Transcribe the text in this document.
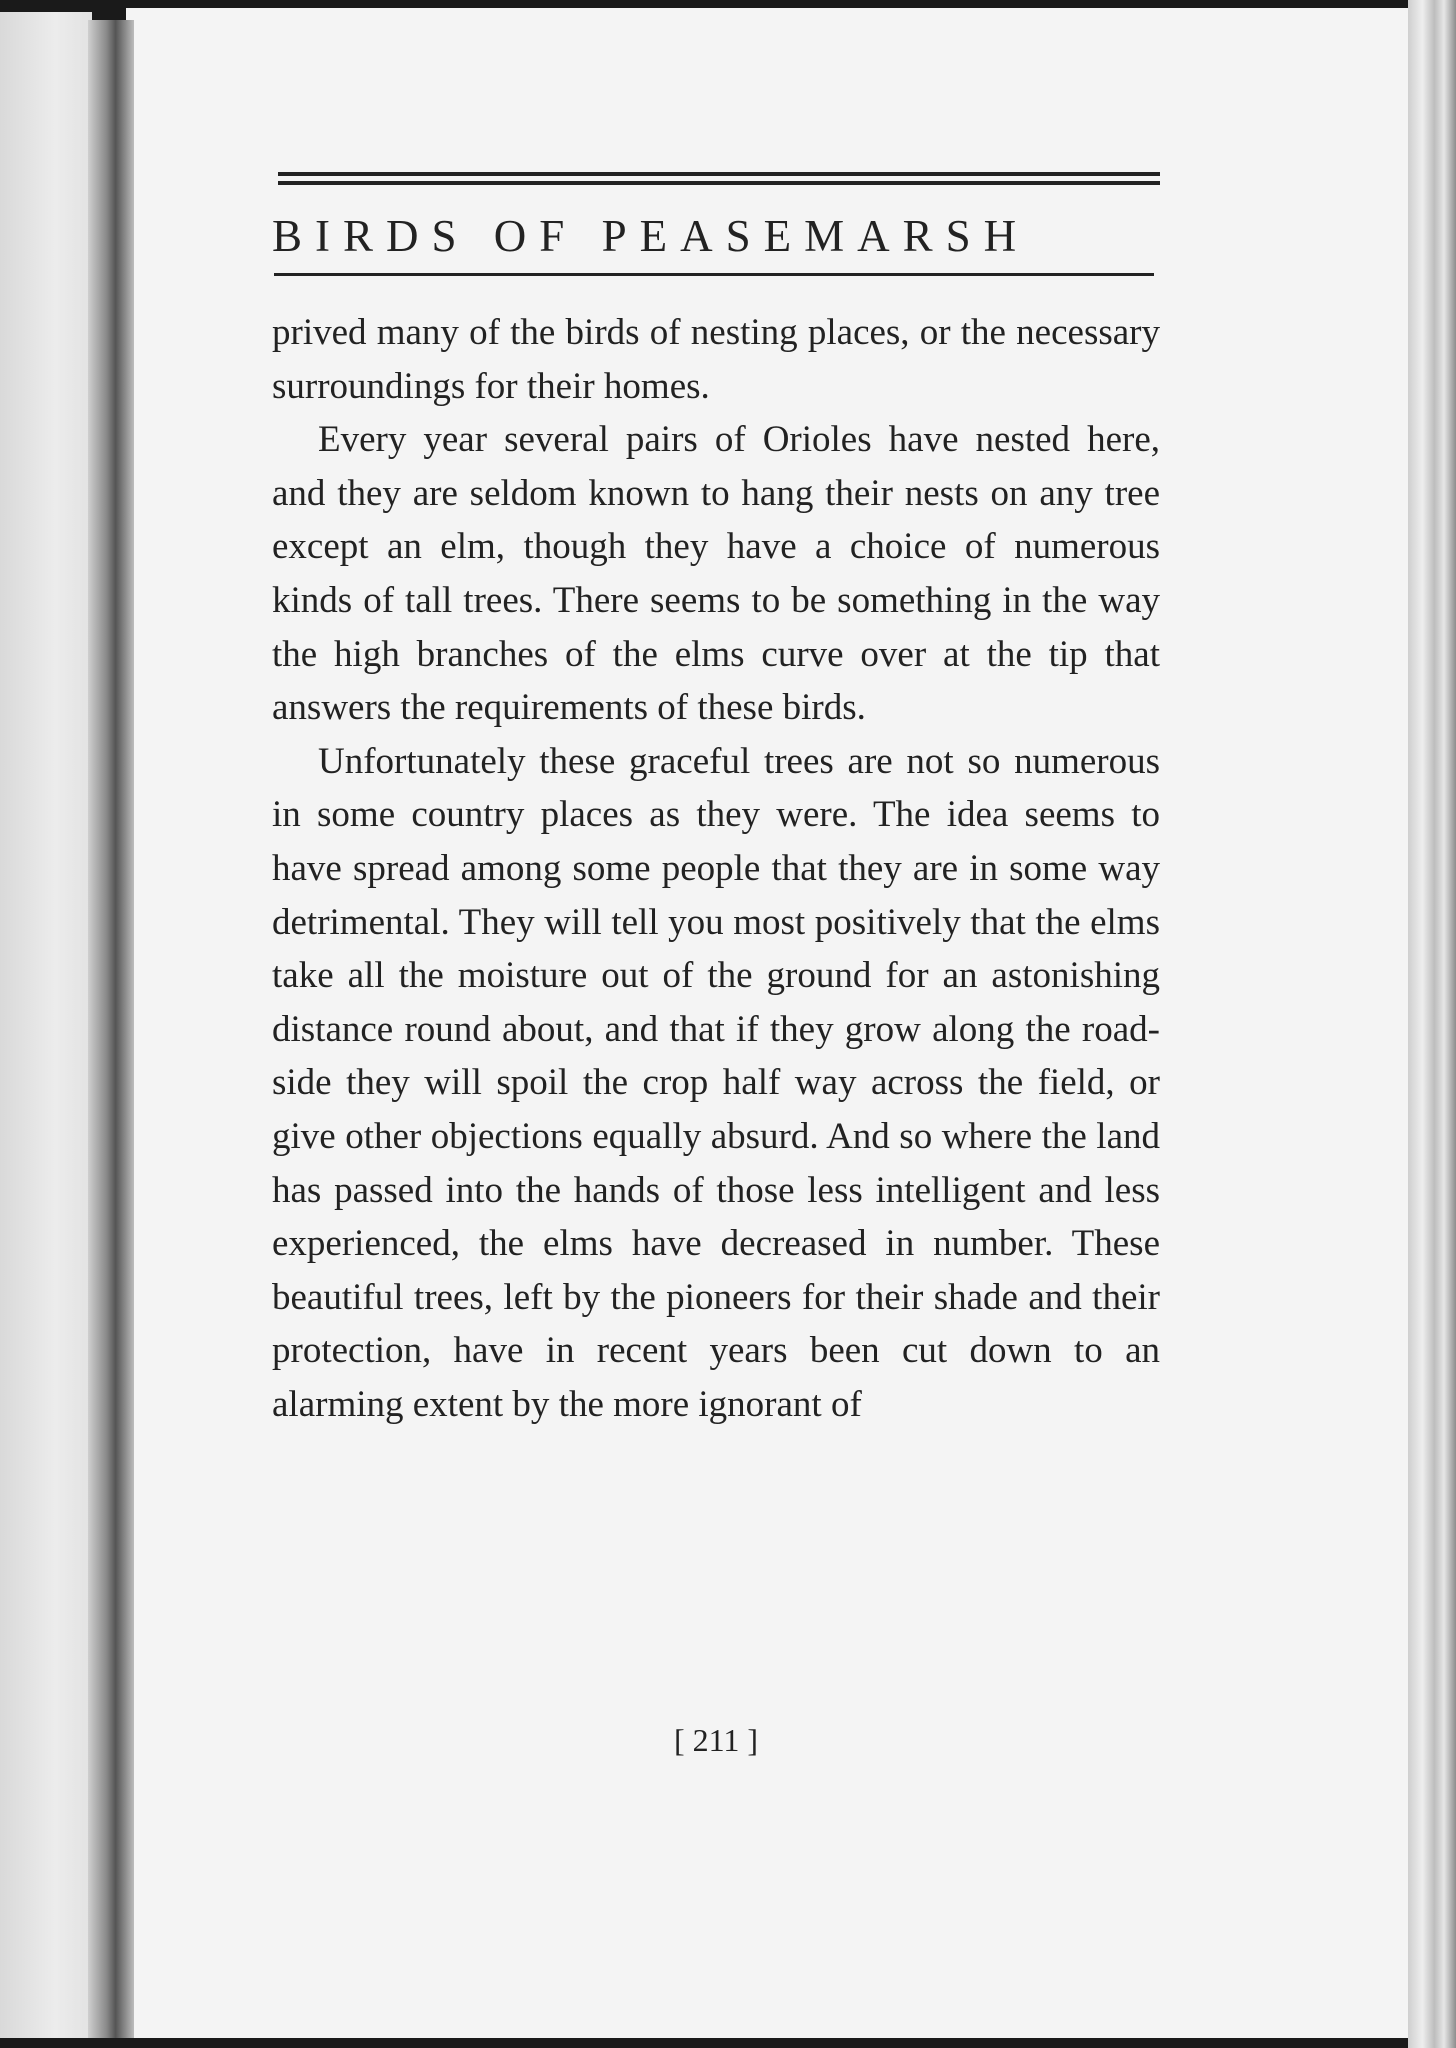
BIRDS OF PEASEMARSH

prived many of the birds of nesting places, or the necessary surroundings for their homes.

Every year several pairs of Orioles have nested here, and they are seldom known to hang their nests on any tree except an elm, though they have a choice of numerous kinds of tall trees. There seems to be something in the way the high branches of the elms curve over at the tip that answers the requirements of these birds.

Unfortunately these graceful trees are not so numerous in some country places as they were. The idea seems to have spread among some people that they are in some way detrimental. They will tell you most positively that the elms take all the moisture out of the ground for an astonishing distance round about, and that if they grow along the road-side they will spoil the crop half way across the field, or give other objections equally absurd. And so where the land has passed into the hands of those less intelligent and less experienced, the elms have decreased in number. These beautiful trees, left by the pioneers for their shade and their protection, have in recent years been cut down to an alarming extent by the more ignorant of

[ 211 ]
